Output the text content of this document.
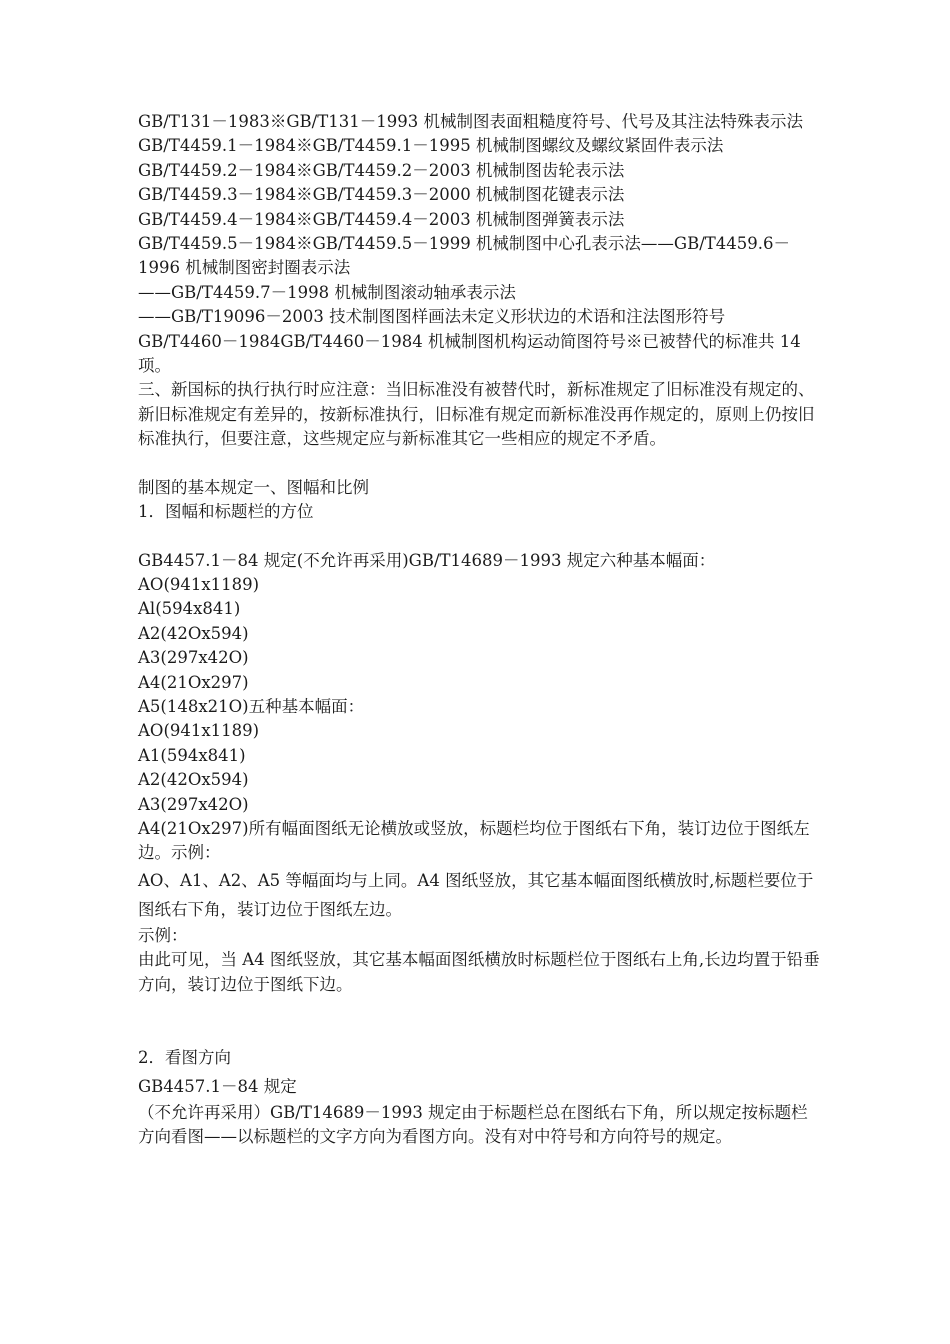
GB/T131－1983※GB/T131－1993 机械制图表面粗糙度符号、代号及其注法特殊表示法 GB/T4459.1－1984※GB/T4459.1－1995 机械制图螺纹及螺纹紧固件表示法

GB/T4459.2－1984※GB/T4459.2－2003 机械制图齿轮表示法

GB/T4459.3－1984※GB/T4459.3－2000 机械制图花键表示法

GB/T4459.4－1984※GB/T4459.4－2003 机械制图弹簧表示法

GB/T4459.5－1984※GB/T4459.5－1999 机械制图中心孔表示法——GB/T4459.6－1996 机械制图密封圈表示法

——GB/T4459.7－1998 机械制图滚动轴承表示法

——GB/T19096－2003 技术制图图样画法未定义形状边的术语和注法图形符号

GB/T4460－1984GB/T4460－1984 机械制图机构运动简图符号※已被替代的标准共 14 项。

三、新国标的执行执行时应注意：当旧标准没有被替代时，新标准规定了旧标准没有规定的、新旧标准规定有差异的，按新标准执行，旧标准有规定而新标准没再作规定的，原则上仍按旧标准执行，但要注意，这些规定应与新标准其它一些相应的规定不矛盾。

制图的基本规定一、图幅和比例

1．图幅和标题栏的方位

GB4457.1－84 规定(不允许再采用)GB/T14689－1993 规定六种基本幅面：

AO(941x1189)

Al(594x841)

A2(42Ox594)

A3(297x42O)

A4(21Ox297)

A5(148x21O)五种基本幅面：

AO(941x1189)

A1(594x841)

A2(42Ox594)

A3(297x42O)

A4(21Ox297)所有幅面图纸无论横放或竖放，标题栏均位于图纸右下角，装订边位于图纸左边。示例：

AO、A1、A2、A5 等幅面均与上同。A4 图纸竖放，其它基本幅面图纸横放时,标题栏要位于图纸右下角，装订边位于图纸左边。

示例：

由此可见，当 A4 图纸竖放，其它基本幅面图纸横放时标题栏位于图纸右上角,长边均置于铅垂方向，装订边位于图纸下边。

2．看图方向

GB4457.1－84 规定

（不允许再采用）GB/T14689－1993 规定由于标题栏总在图纸右下角，所以规定按标题栏方向看图——以标题栏的文字方向为看图方向。没有对中符号和方向符号的规定。
